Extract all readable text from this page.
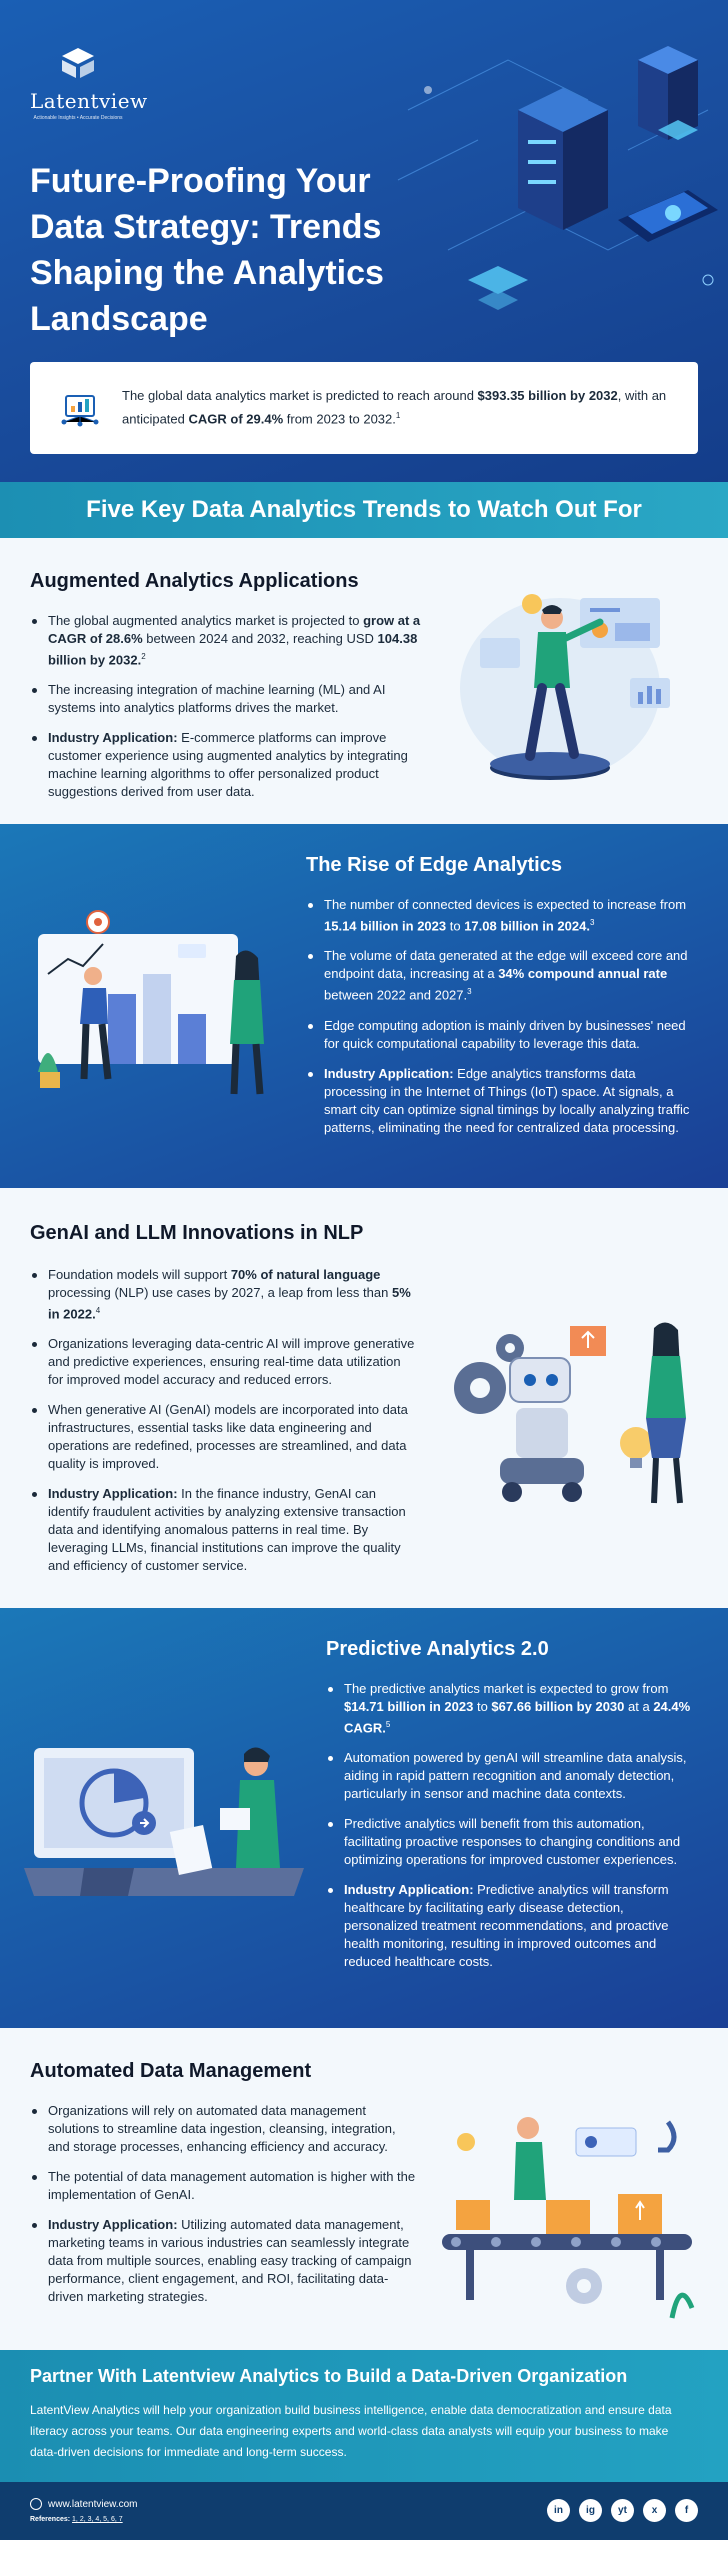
Latentview
Actionable Insights • Accurate Decisions
Future-Proofing Your Data Strategy: Trends Shaping the Analytics Landscape

The global data analytics market is predicted to reach around $393.35 billion by 2032, with an anticipated CAGR of 29.4% from 2023 to 2032.$^1$

Five Key Data Analytics Trends to Watch Out For
Augmented Analytics Applications
The global augmented analytics market is projected to grow at a CAGR of 28.6% between 2024 and 2032, reaching USD 104.38 billion by 2032.$^2$
The increasing integration of machine learning (ML) and AI systems into analytics platforms drives the market.
Industry Application: E-commerce platforms can improve customer experience using augmented analytics by integrating machine learning algorithms to offer personalized product suggestions derived from user data.
The Rise of Edge Analytics
The number of connected devices is expected to increase from 15.14 billion in 2023 to 17.08 billion in 2024.$^3$
The volume of data generated at the edge will exceed core and endpoint data, increasing at a 34% compound annual rate between 2022 and 2027.$^3$
Edge computing adoption is mainly driven by businesses' need for quick computational capability to leverage this data.
Industry Application: Edge analytics transforms data processing in the Internet of Things (IoT) space. At signals, a smart city can optimize signal timings by locally analyzing traffic patterns, eliminating the need for centralized data processing.
GenAI and LLM Innovations in NLP
Foundation models will support 70% of natural language processing (NLP) use cases by 2027, a leap from less than 5% in 2022.$^4$
Organizations leveraging data-centric AI will improve generative and predictive experiences, ensuring real-time data utilization for improved model accuracy and reduced errors.
When generative AI (GenAI) models are incorporated into data infrastructures, essential tasks like data engineering and operations are redefined, processes are streamlined, and data quality is improved.
Industry Application: In the finance industry, GenAI can identify fraudulent activities by analyzing extensive transaction data and identifying anomalous patterns in real time. By leveraging LLMs, financial institutions can improve the quality and efficiency of customer service.
Predictive Analytics 2.0
The predictive analytics market is expected to grow from $14.71 billion in 2023 to $67.66 billion by 2030 at a 24.4% CAGR.$^5$
Automation powered by genAI will streamline data analysis, aiding in rapid pattern recognition and anomaly detection, particularly in sensor and machine data contexts.
Predictive analytics will benefit from this automation, facilitating proactive responses to changing conditions and optimizing operations for improved customer experiences.
Industry Application: Predictive analytics will transform healthcare by facilitating early disease detection, personalized treatment recommendations, and proactive health monitoring, resulting in improved outcomes and reduced healthcare costs.
Automated Data Management
Organizations will rely on automated data management solutions to streamline data ingestion, cleansing, integration, and storage processes, enhancing efficiency and accuracy.
The potential of data management automation is higher with the implementation of GenAI.
Industry Application: Utilizing automated data management, marketing teams in various industries can seamlessly integrate data from multiple sources, enabling easy tracking of campaign performance, client engagement, and ROI, facilitating data-driven marketing strategies.
Partner With Latentview Analytics to Build a Data-Driven Organization

LatentView Analytics will help your organization build business intelligence, enable data democratization and ensure data literacy across your teams. Our data engineering experts and world-class data analysts will equip your business to make data-driven decisions for immediate and long-term success.

www.latentview.com
References: 1, 2, 3, 4, 5, 6, 7
in	ig	yt	x	f
